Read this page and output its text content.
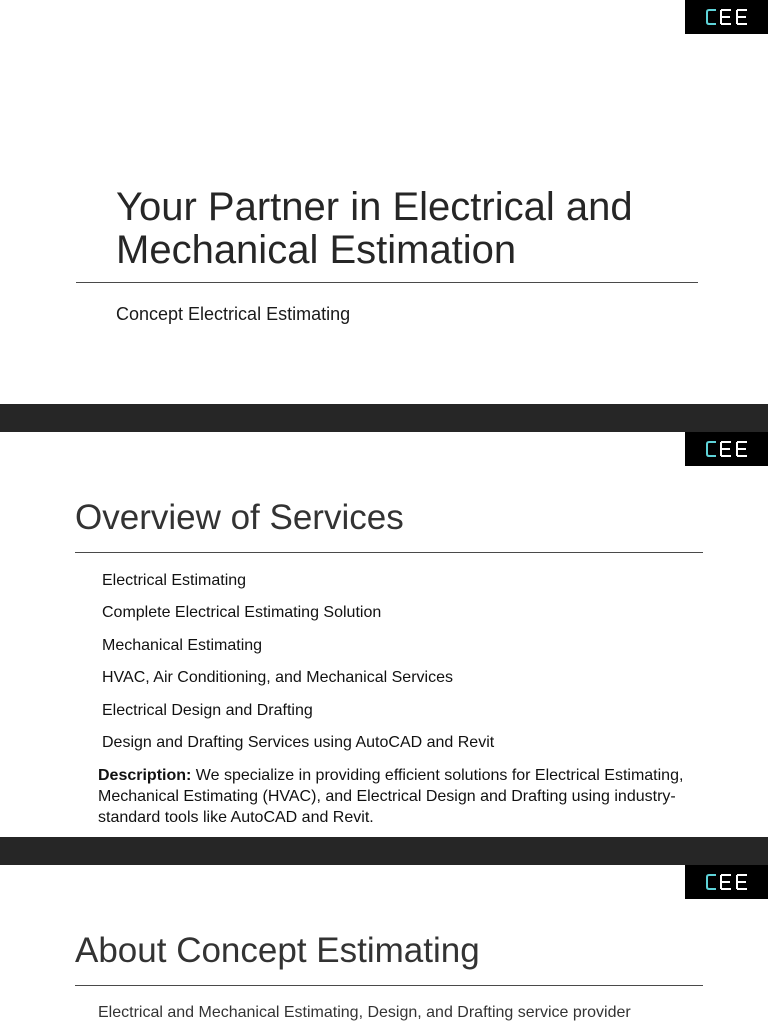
Your Partner in Electrical and Mechanical Estimation
Concept Electrical Estimating
Overview of Services
Electrical Estimating
Complete Electrical Estimating Solution
Mechanical Estimating
HVAC, Air Conditioning, and Mechanical Services
Electrical Design and Drafting
Design and Drafting Services using AutoCAD and Revit

Description: We specialize in providing efficient solutions for Electrical Estimating, Mechanical Estimating (HVAC), and Electrical Design and Drafting using industry-standard tools like AutoCAD and Revit.

About Concept Estimating
Electrical and Mechanical Estimating, Design, and Drafting service provider
